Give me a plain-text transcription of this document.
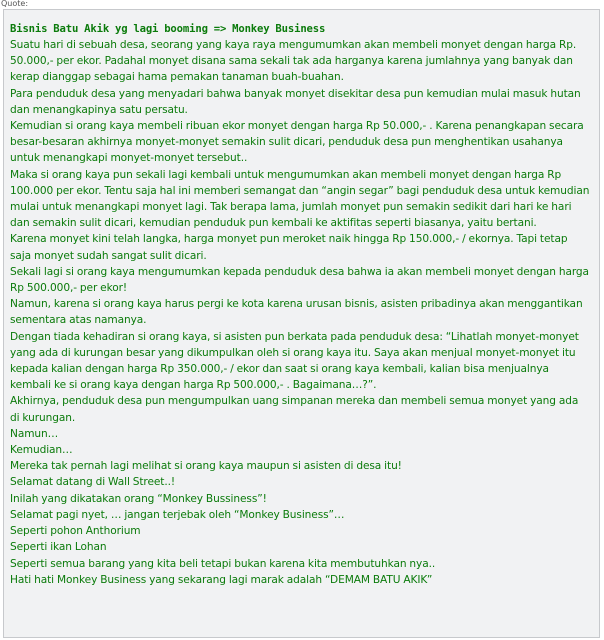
Quote:
Bisnis Batu Akik yg lagi booming => Monkey Business

Suatu hari di sebuah desa, seorang yang kaya raya mengumumkan akan membeli monyet dengan harga Rp. 50.000,- per ekor. Padahal monyet disana sama sekali tak ada harganya karena jumlahnya yang banyak dan kerap dianggap sebagai hama pemakan tanaman buah-buahan.

Para penduduk desa yang menyadari bahwa banyak monyet disekitar desa pun kemudian mulai masuk hutan dan menangkapinya satu persatu.

Kemudian si orang kaya membeli ribuan ekor monyet dengan harga Rp 50.000,- . Karena penangkapan secara besar-besaran akhirnya monyet-monyet semakin sulit dicari, penduduk desa pun menghentikan usahanya untuk menangkapi monyet-monyet tersebut..

Maka si orang kaya pun sekali lagi kembali untuk mengumumkan akan membeli monyet dengan harga Rp 100.000 per ekor. Tentu saja hal ini memberi semangat dan “angin segar” bagi penduduk desa untuk kemudian mulai untuk menangkapi monyet lagi. Tak berapa lama, jumlah monyet pun semakin sedikit dari hari ke hari dan semakin sulit dicari, kemudian penduduk pun kembali ke aktifitas seperti biasanya, yaitu bertani.

Karena monyet kini telah langka, harga monyet pun meroket naik hingga Rp 150.000,- / ekornya. Tapi tetap saja monyet sudah sangat sulit dicari.

Sekali lagi si orang kaya mengumumkan kepada penduduk desa bahwa ia akan membeli monyet dengan harga Rp 500.000,- per ekor!

Namun, karena si orang kaya harus pergi ke kota karena urusan bisnis, asisten pribadinya akan menggantikan sementara atas namanya.

Dengan tiada kehadiran si orang kaya, si asisten pun berkata pada penduduk desa: “Lihatlah monyet-monyet yang ada di kurungan besar yang dikumpulkan oleh si orang kaya itu. Saya akan menjual monyet-monyet itu kepada kalian dengan harga Rp 350.000,- / ekor dan saat si orang kaya kembali, kalian bisa menjualnya kembali ke si orang kaya dengan harga Rp 500.000,- . Bagaimana…?”.

Akhirnya, penduduk desa pun mengumpulkan uang simpanan mereka dan membeli semua monyet yang ada di kurungan.

Namun…

Kemudian…

Mereka tak pernah lagi melihat si orang kaya maupun si asisten di desa itu!

Selamat datang di Wall Street..!

Inilah yang dikatakan orang “Monkey Bussiness”!

Selamat pagi nyet, … jangan terjebak oleh “Monkey Business”…

Seperti pohon Anthorium

Seperti ikan Lohan

Seperti semua barang yang kita beli tetapi bukan karena kita membutuhkan nya..

Hati hati Monkey Business yang sekarang lagi marak adalah “DEMAM BATU AKIK”
